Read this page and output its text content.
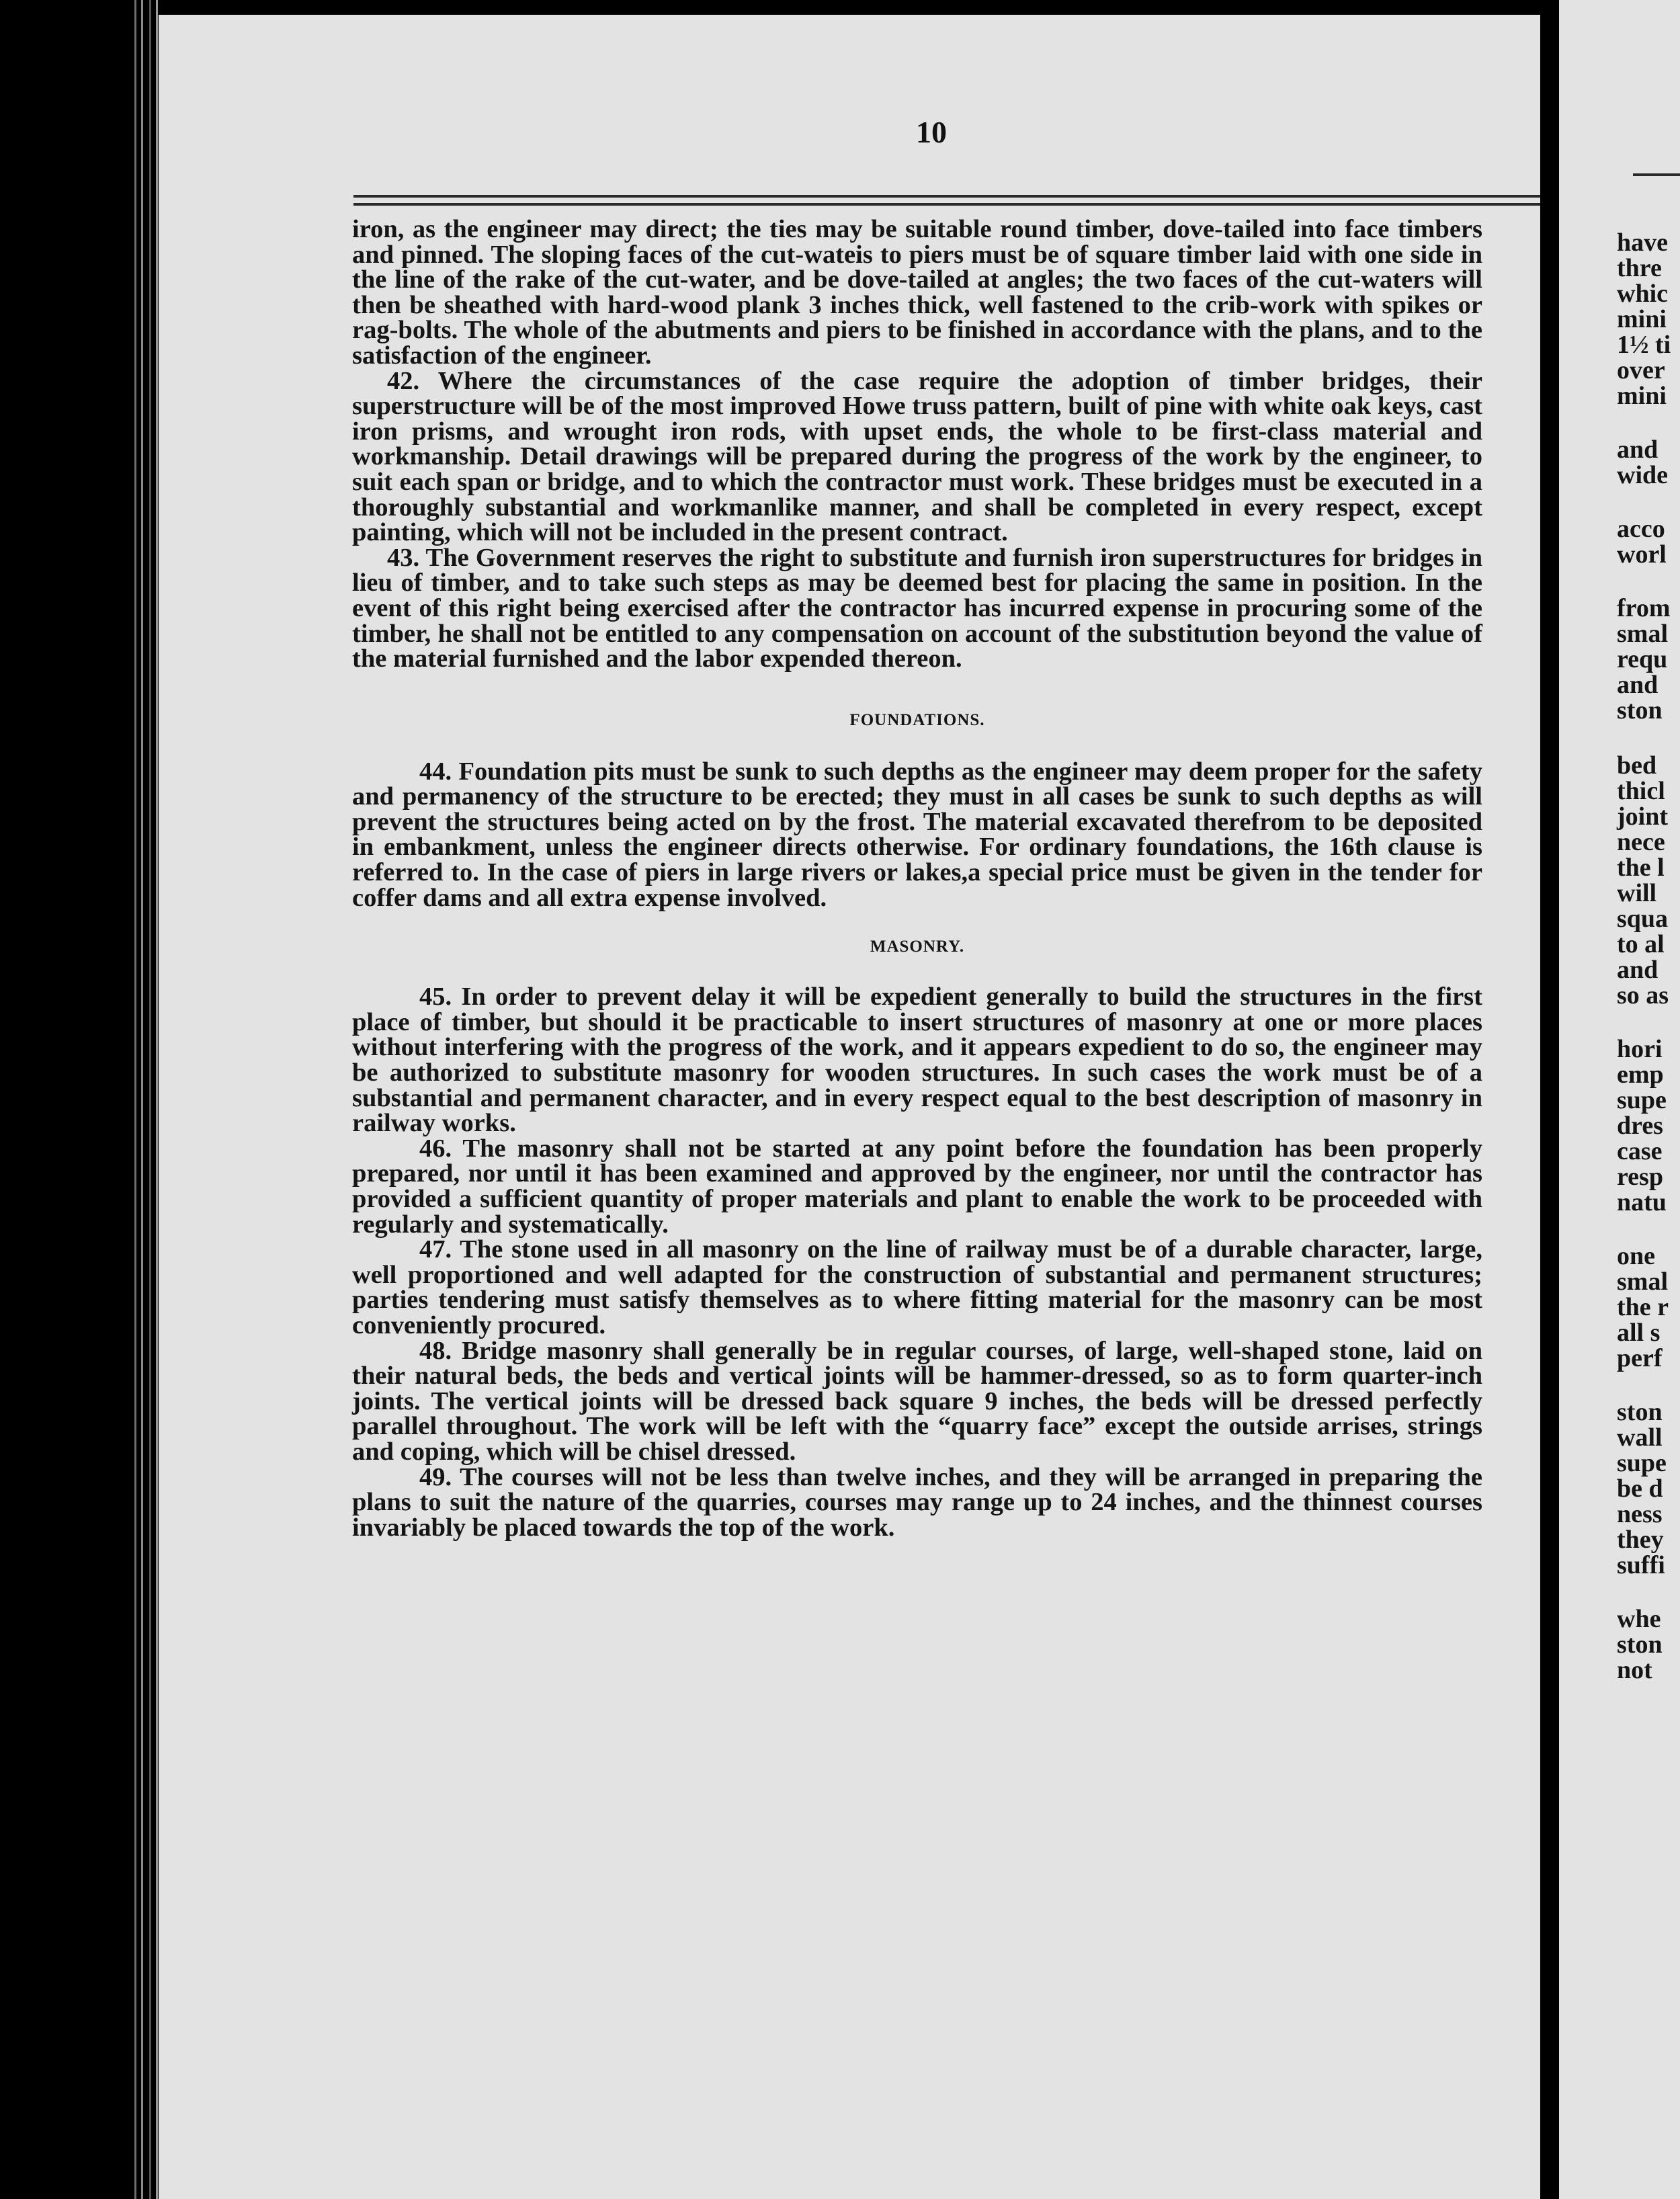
10

iron, as the engineer may direct; the ties may be suitable round timber, dove-tailed into face timbers and pinned. The sloping faces of the cut-wateis to piers must be of square timber laid with one side in the line of the rake of the cut-water, and be dove-tailed at angles; the two faces of the cut-waters will then be sheathed with hard-wood plank 3 inches thick, well fastened to the crib-work with spikes or rag-bolts. The whole of the abutments and piers to be finished in accordance with the plans, and to the satisfaction of the engineer.

42. Where the circumstances of the case require the adoption of timber bridges, their superstructure will be of the most improved Howe truss pattern, built of pine with white oak keys, cast iron prisms, and wrought iron rods, with upset ends, the whole to be first-class material and workmanship. Detail drawings will be prepared during the progress of the work by the engineer, to suit each span or bridge, and to which the contractor must work. These bridges must be executed in a thoroughly substantial and workmanlike manner, and shall be completed in every respect, except painting, which will not be included in the present contract.

43. The Government reserves the right to substitute and furnish iron superstructures for bridges in lieu of timber, and to take such steps as may be deemed best for placing the same in position. In the event of this right being exercised after the contractor has incurred expense in procuring some of the timber, he shall not be entitled to any compensation on account of the substitution beyond the value of the material furnished and the labor expended thereon.

FOUNDATIONS.

44. Foundation pits must be sunk to such depths as the engineer may deem proper for the safety and permanency of the structure to be erected; they must in all cases be sunk to such depths as will prevent the structures being acted on by the frost. The material excavated therefrom to be deposited in embankment, unless the engineer directs otherwise. For ordinary foundations, the 16th clause is referred to. In the case of piers in large rivers or lakes,a special price must be given in the tender for coffer dams and all extra expense involved.

MASONRY.

45. In order to prevent delay it will be expedient generally to build the structures in the first place of timber, but should it be practicable to insert structures of masonry at one or more places without interfering with the progress of the work, and it appears expedient to do so, the engineer may be authorized to substitute masonry for wooden structures. In such cases the work must be of a substantial and permanent character, and in every respect equal to the best description of masonry in railway works.

46. The masonry shall not be started at any point before the foundation has been properly prepared, nor until it has been examined and approved by the engineer, nor until the contractor has provided a sufficient quantity of proper materials and plant to enable the work to be proceeded with regularly and systematically.

47. The stone used in all masonry on the line of railway must be of a durable character, large, well proportioned and well adapted for the construction of substantial and permanent structures; parties tendering must satisfy themselves as to where fitting material for the masonry can be most conveniently procured.

48. Bridge masonry shall generally be in regular courses, of large, well-shaped stone, laid on their natural beds, the beds and vertical joints will be hammer-dressed, so as to form quarter-inch joints. The vertical joints will be dressed back square 9 inches, the beds will be dressed perfectly parallel throughout. The work will be left with the “quarry face” except the outside arrises, strings and coping, which will be chisel dressed.

49. The courses will not be less than twelve inches, and they will be arranged in preparing the plans to suit the nature of the quarries, courses may range up to 24 inches, and the thinnest courses invariably be placed towards the top of the work.

have
thre
whic
mini
1½ ti
over
mini
and
wide
acco
worl
from
smal
requ
and
ston
bed
thicl
joint
nece
the l
will
squa
to al
and
so as
hori
emp
supe
dres
case
resp
natu
one
smal
the r
all s
perf
ston
wall
supe
be d
ness
they
suffi
whe
ston
not
